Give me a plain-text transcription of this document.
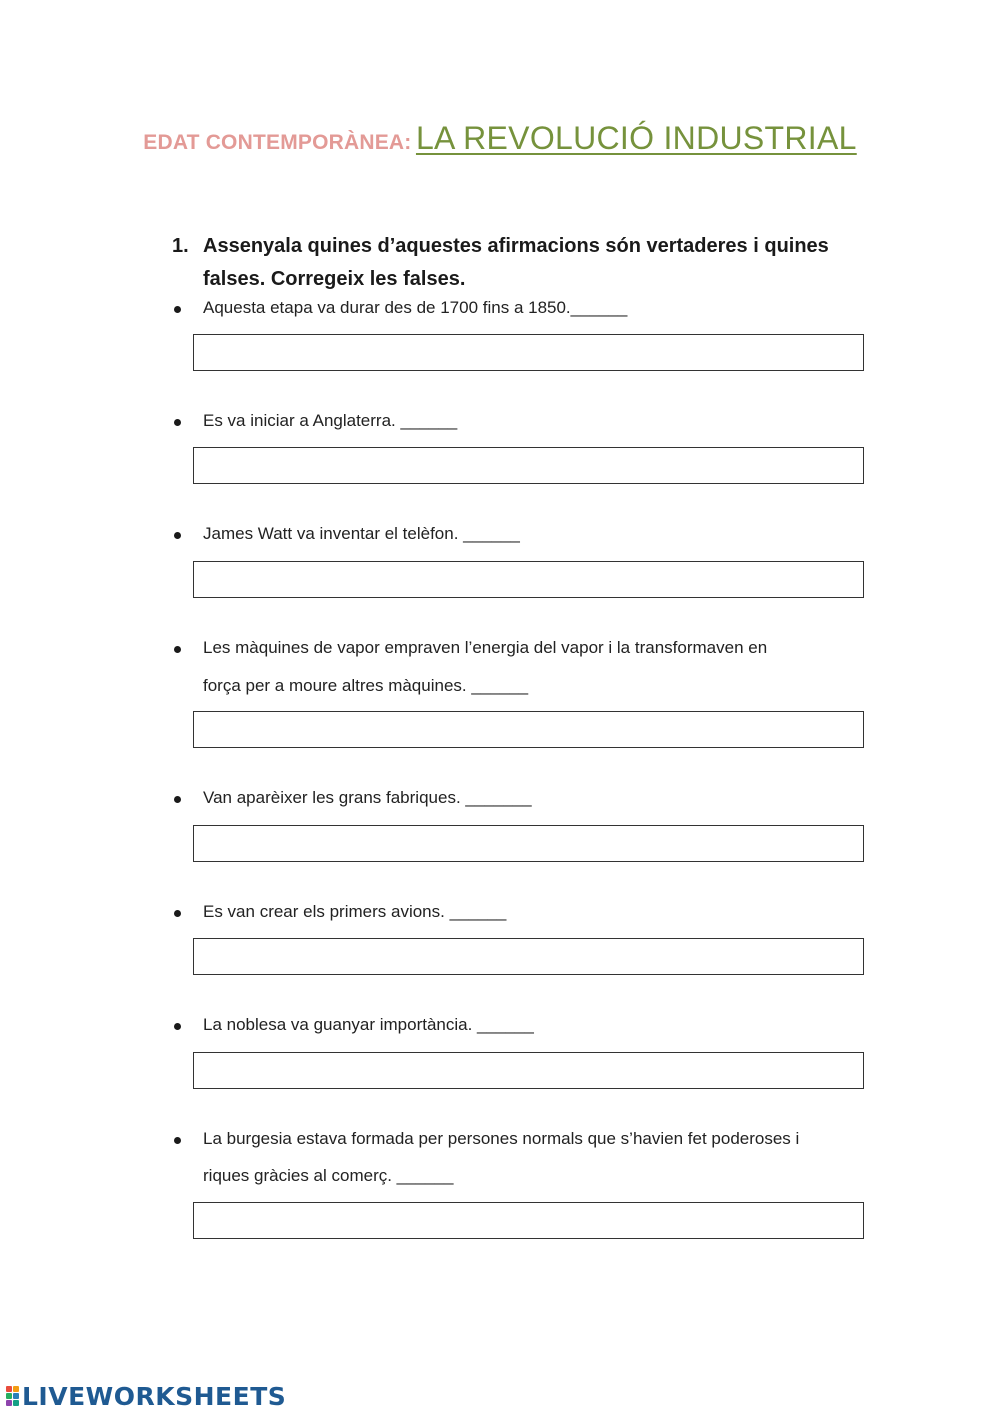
EDAT CONTEMPORÀNEA: LA REVOLUCIÓ INDUSTRIAL
1. Assenyala quines d’aquestes afirmacions són vertaderes i quines falses. Corregeix les falses.
Aquesta etapa va durar des de 1700 fins a 1850.______
Es va iniciar a Anglaterra. ______
James Watt va inventar el telèfon. ______
Les màquines de vapor empraven l’energia del vapor i la transformaven en
força per a moure altres màquines. ______
Van aparèixer les grans fabriques. _______
Es van crear els primers avions. ______
La noblesa va guanyar importància. ______
La burgesia estava formada per persones normals que s’havien fet poderoses i
riques gràcies al comerç. ______
LIVEWORKSHEETS
